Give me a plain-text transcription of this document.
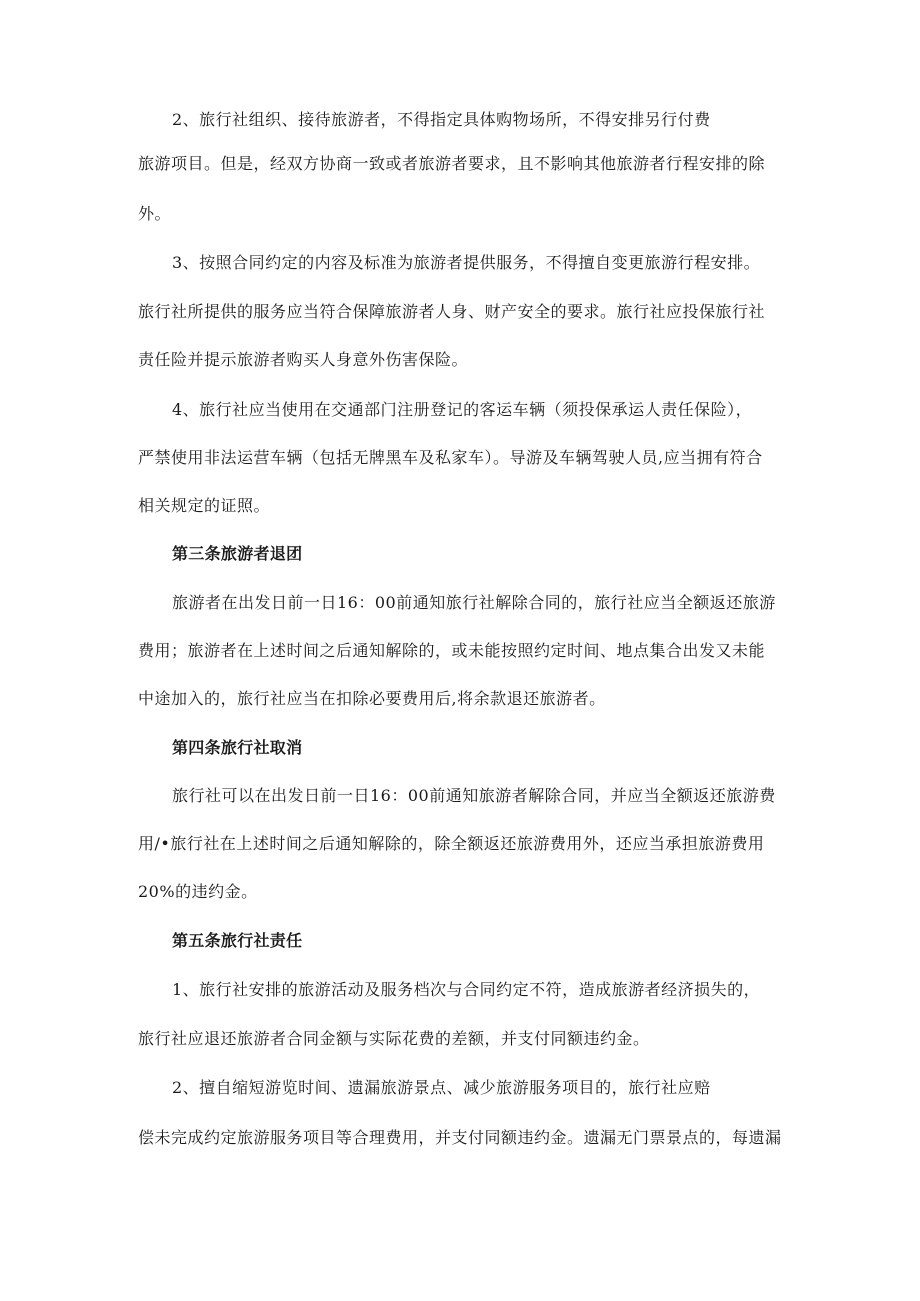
2、旅行社组织、接待旅游者，不得指定具体购物场所，不得安排另行付费
旅游项目。但是，经双方协商一致或者旅游者要求，且不影响其他旅游者行程安排的除
外。
3、按照合同约定的内容及标准为旅游者提供服务，不得擅自变更旅游行程安排。
旅行社所提供的服务应当符合保障旅游者人身、财产安全的要求。旅行社应投保旅行社
责任险并提示旅游者购买人身意外伤害保险。
4、旅行社应当使用在交通部门注册登记的客运车辆（须投保承运人责任保险），
严禁使用非法运营车辆（包括无牌黑车及私家车）。导游及车辆驾驶人员,应当拥有符合
相关规定的证照。
第三条旅游者退团
旅游者在出发日前一日16：00前通知旅行社解除合同的，旅行社应当全额返还旅游
费用；旅游者在上述时间之后通知解除的，或未能按照约定时间、地点集合出发又未能
中途加入的，旅行社应当在扣除必要费用后,将余款退还旅游者。
第四条旅行社取消
旅行社可以在出发日前一日16：00前通知旅游者解除合同，并应当全额返还旅游费
用/•旅行社在上述时间之后通知解除的，除全额返还旅游费用外，还应当承担旅游费用
20%的违约金。
第五条旅行社责任
1、旅行社安排的旅游活动及服务档次与合同约定不符，造成旅游者经济损失的，
旅行社应退还旅游者合同金额与实际花费的差额，并支付同额违约金。
2、擅自缩短游览时间、遗漏旅游景点、减少旅游服务项目的，旅行社应赔
偿未完成约定旅游服务项目等合理费用，并支付同额违约金。遗漏无门票景点的，每遗漏
